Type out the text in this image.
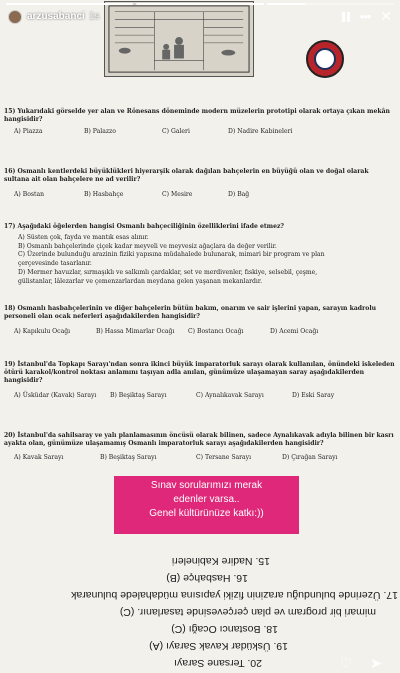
15) Yukarıdaki görselde yer alan ve Rönesans döneminde modern müzelerin prototipi olarak ortaya çıkan mekân hangisidir?
A) Piazza	B) Palazzo	C) Galeri	D) Nadire Kabineleri
16) Osmanlı kentlerdeki büyüklükleri hiyerarşik olarak dağılan bahçelerin en büyüğü olan ve doğal olarak sultana ait olan bahçelere ne ad verilir?
A) Bostan	B) Hasbahçe	C) Mesire	D) Bağ
17) Aşağıdaki öğelerden hangisi Osmanlı bahçeciliğinin özelliklerini ifade etmez?
A) Süsten çok, fayda ve mantık esas alınır.
B) Osmanlı bahçelerinde çiçek kadar meyveli ve meyvesiz ağaçlara da değer verilir.
C) Üzerinde bulunduğu arazinin fiziki yapısına müdahalede bulunarak, mimari bir program ve plan
çerçevesinde tasarlanır.
D) Mermer havuzlar, sırmaşıklı ve salkımlı çardaklar, set ve merdivenler, fıskiye, selsebil, çeşme,
gülistanlar, lâlezarlar ve çemenzarlardan meydana gelen yaşanan mekanlardır.
18) Osmanlı hasbahçelerinin ve diğer bahçelerin bütün bakım, onarım ve sair işlerini yapan, sarayın kadrolu personeli olan ocak neferleri aşağıdakilerden hangisidir?
A) Kapıkulu Ocağı	B) Hassa Mimarlar Ocağı	C) Bostancı Ocağı	D) Acemi Ocağı
19) İstanbul'da Topkapı Sarayı'ndan sonra ikinci büyük imparatorluk sarayı olarak kullanılan, önündeki iskeleden ötürü karakol/kontrol noktası anlamını taşıyan adla anılan, günümüze ulaşamayan saray aşağıdakilerden hangisidir?
A) Üsküdar (Kavak) Sarayı	B) Beşiktaş Sarayı	C) Aynalıkavak Sarayı	D) Eski Saray
20) İstanbul'da sahilsaray ve yalı planlamasının öncüsü olarak bilinen, sadece Aynalıkavak adıyla bilinen bir kasrı ayakta olan, günümüze ulaşamamış Osmanlı imparatorluk sarayı aşağıdakilerden hangisidir?
A) Kavak Sarayı	B) Beşiktaş Sarayı	C) Tersane Sarayı	D) Çırağan Sarayı
20. Tersane Sarayı
19. Üsküdar Kavak Sarayı (A)
18. Bostancı Ocağı (C)
mimari bir program ve plan çerçevesinde tasarlanır. (C)
17. Üzerinde bulunduğu arazinin fiziki yapısına müdahalede bulunarak
16. Hasbahçe (B)
15. Nadire Kabineleri
Sınav sorularımızı merak
edenler varsa..
Genel kültürünüze katkı:))
arzusabanci 1s	••• ✕
♡ ➤
